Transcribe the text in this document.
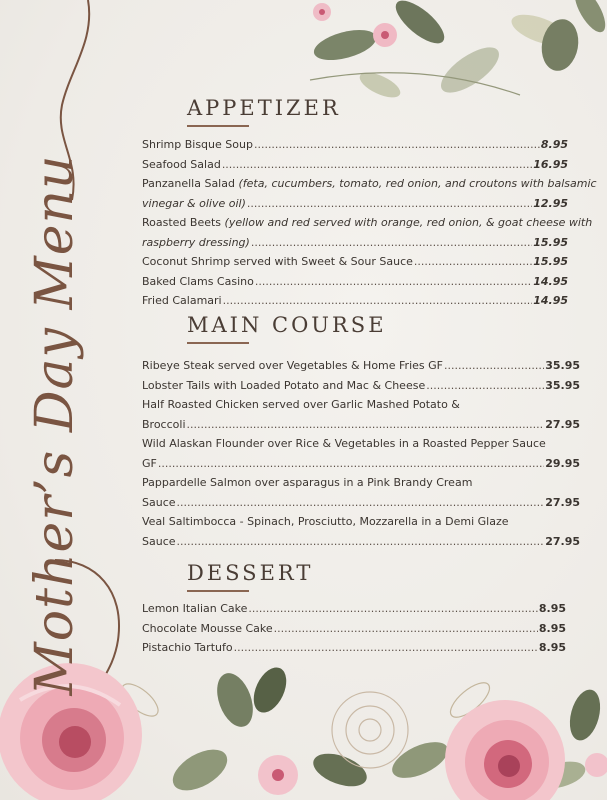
Mother’s Day Menu
APPETIZER
Shrimp Bisque Soup .....	8.95
Seafood Salad .....	16.95
Panzanella Salad (feta, cucumbers, tomato, red onion, and croutons with balsamic
vinegar & olive oil) .....	12.95
Roasted Beets (yellow and red served with orange, red onion, & goat cheese with
raspberry dressing) .....	15.95
Coconut Shrimp served with Sweet & Sour Sauce .....	15.95
Baked Clams Casino .....	14.95
Fried Calamari .....	14.95
MAIN COURSE
Ribeye Steak served over Vegetables & Home Fries GF .....	35.95
Lobster Tails with Loaded Potato and Mac & Cheese .....	35.95
Half Roasted Chicken served over Garlic Mashed Potato &
Broccoli .....	27.95
Wild Alaskan Flounder over Rice & Vegetables in a Roasted Pepper Sauce
GF .....	29.95
Pappardelle Salmon over asparagus in a Pink Brandy Cream
Sauce .....	27.95
Veal Saltimbocca - Spinach, Prosciutto, Mozzarella in a Demi Glaze
Sauce .....	27.95
DESSERT
Lemon Italian Cake .....	8.95
Chocolate Mousse Cake .....	8.95
Pistachio Tartufo .....	8.95
